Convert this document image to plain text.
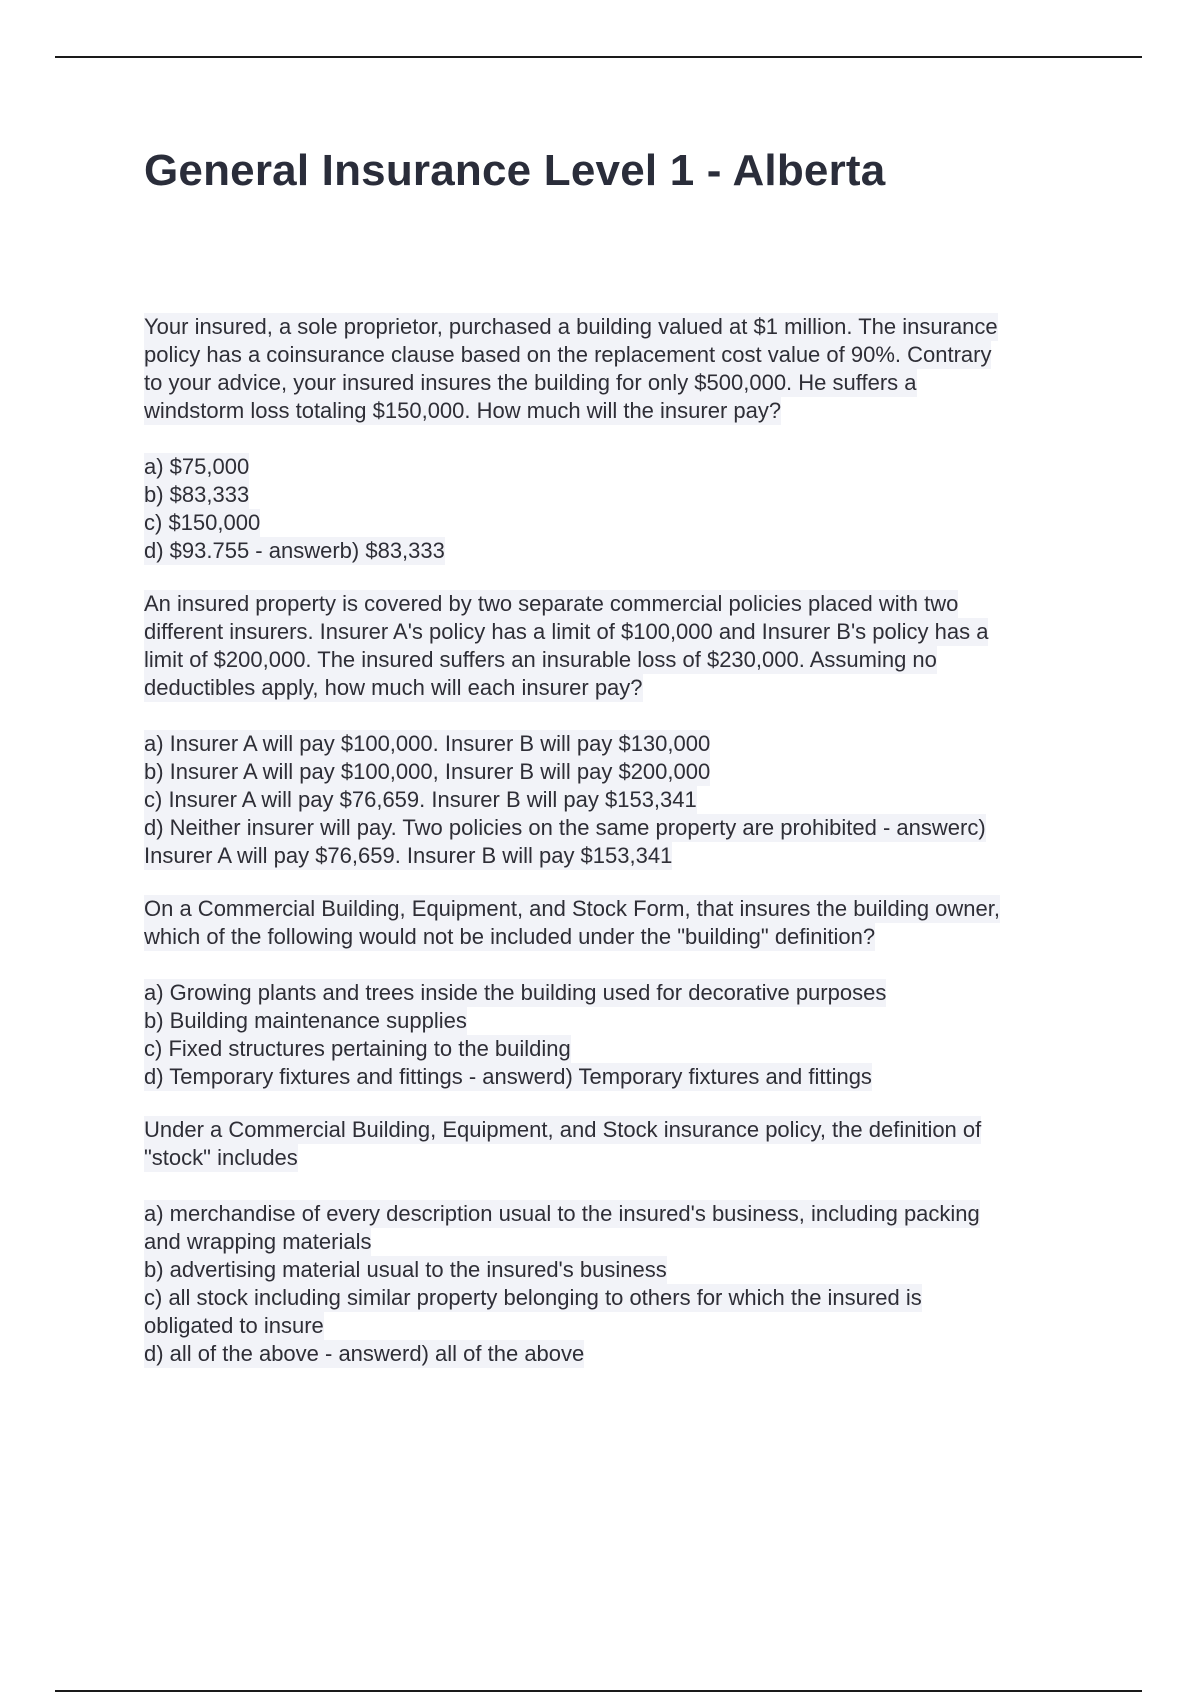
General Insurance Level 1 - Alberta
Your insured, a sole proprietor, purchased a building valued at $1 million. The insurance
policy has a coinsurance clause based on the replacement cost value of 90%. Contrary
to your advice, your insured insures the building for only $500,000. He suffers a
windstorm loss totaling $150,000. How much will the insurer pay?
a) $75,000
b) $83,333
c) $150,000
d) $93.755 - answerb) $83,333
An insured property is covered by two separate commercial policies placed with two
different insurers. Insurer A's policy has a limit of $100,000 and Insurer B's policy has a
limit of $200,000. The insured suffers an insurable loss of $230,000. Assuming no
deductibles apply, how much will each insurer pay?
a) Insurer A will pay $100,000. Insurer B will pay $130,000
b) Insurer A will pay $100,000, Insurer B will pay $200,000
c) Insurer A will pay $76,659. Insurer B will pay $153,341
d) Neither insurer will pay. Two policies on the same property are prohibited - answerc)
Insurer A will pay $76,659. Insurer B will pay $153,341
On a Commercial Building, Equipment, and Stock Form, that insures the building owner,
which of the following would not be included under the "building" definition?
a) Growing plants and trees inside the building used for decorative purposes
b) Building maintenance supplies
c) Fixed structures pertaining to the building
d) Temporary fixtures and fittings - answerd) Temporary fixtures and fittings
Under a Commercial Building, Equipment, and Stock insurance policy, the definition of
"stock" includes
a) merchandise of every description usual to the insured's business, including packing
and wrapping materials
b) advertising material usual to the insured's business
c) all stock including similar property belonging to others for which the insured is
obligated to insure
d) all of the above - answerd) all of the above
